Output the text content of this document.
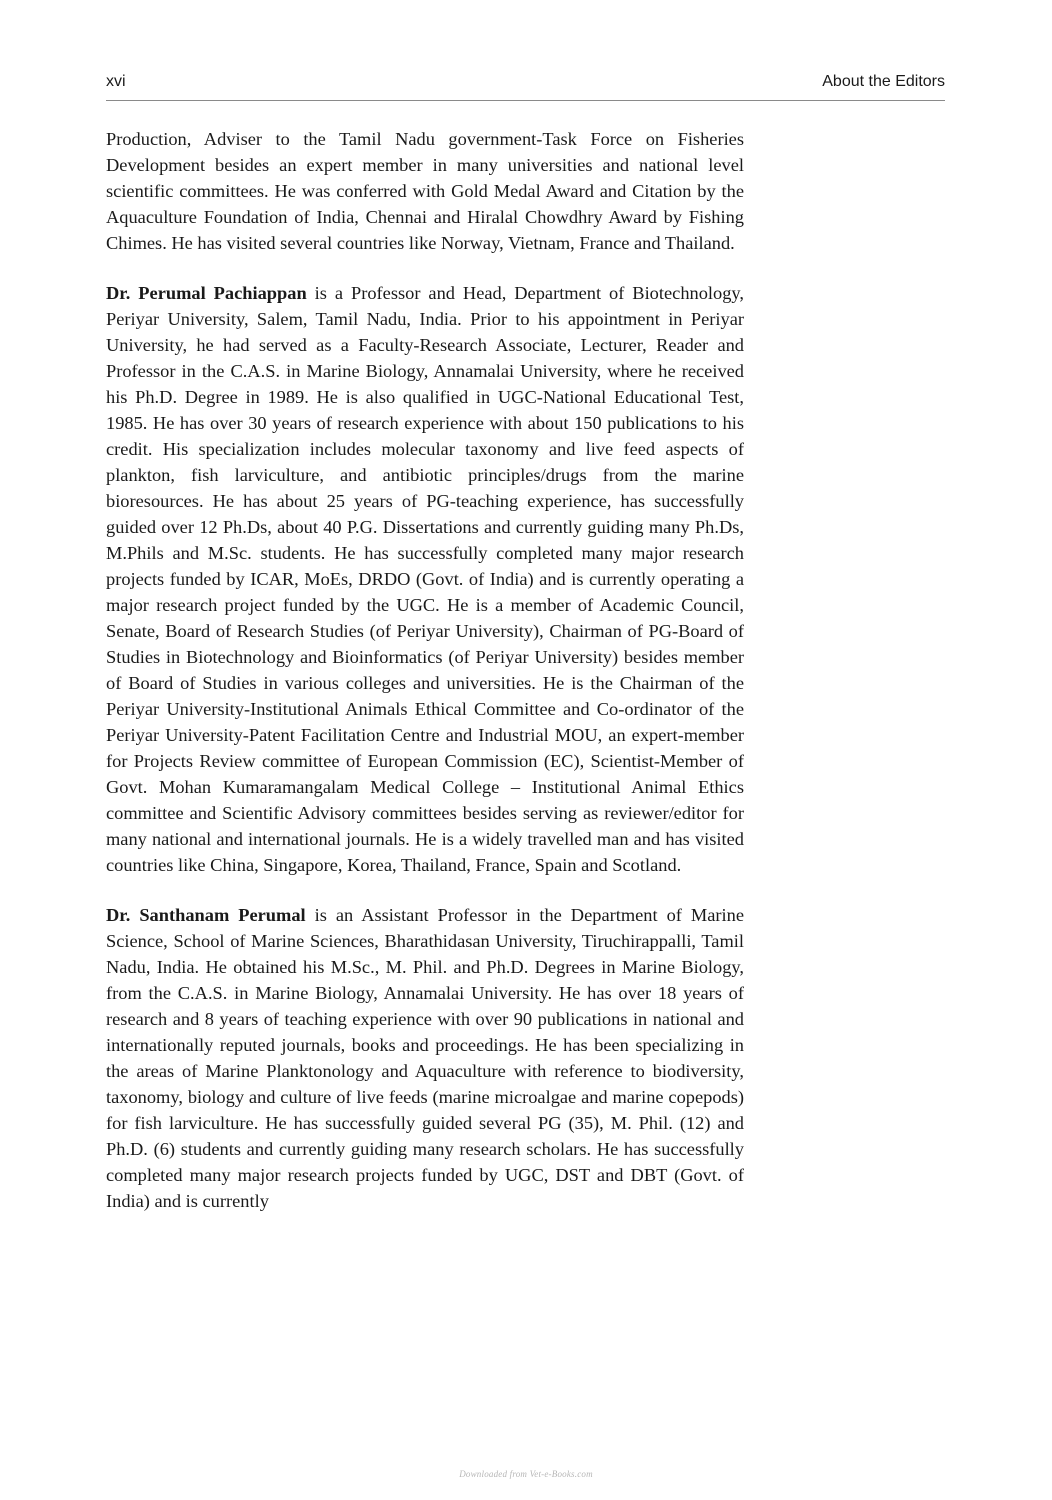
xvi	About the Editors

Production, Adviser to the Tamil Nadu government-Task Force on Fisheries Development besides an expert member in many universities and national level scientific committees. He was conferred with Gold Medal Award and Citation by the Aquaculture Foundation of India, Chennai and Hiralal Chowdhry Award by Fishing Chimes. He has visited several countries like Norway, Vietnam, France and Thailand.

Dr. Perumal Pachiappan is a Professor and Head, Department of Biotechnology, Periyar University, Salem, Tamil Nadu, India. Prior to his appointment in Periyar University, he had served as a Faculty-Research Associate, Lecturer, Reader and Professor in the C.A.S. in Marine Biology, Annamalai University, where he received his Ph.D. Degree in 1989. He is also qualified in UGC-National Educational Test, 1985. He has over 30 years of research experience with about 150 publications to his credit. His specialization includes molecular taxonomy and live feed aspects of plankton, fish larviculture, and antibiotic principles/drugs from the marine bioresources. He has about 25 years of PG-teaching experience, has successfully guided over 12 Ph.Ds, about 40 P.G. Dissertations and currently guiding many Ph.Ds, M.Phils and M.Sc. students. He has successfully completed many major research projects funded by ICAR, MoEs, DRDO (Govt. of India) and is currently operating a major research project funded by the UGC. He is a member of Academic Council, Senate, Board of Research Studies (of Periyar University), Chairman of PG-Board of Studies in Biotechnology and Bioinformatics (of Periyar University) besides member of Board of Studies in various colleges and universities. He is the Chairman of the Periyar University-Institutional Animals Ethical Committee and Co-ordinator of the Periyar University-Patent Facilitation Centre and Industrial MOU, an expert-member for Projects Review committee of European Commission (EC), Scientist-Member of Govt. Mohan Kumaramangalam Medical College – Institutional Animal Ethics committee and Scientific Advisory committees besides serving as reviewer/editor for many national and international journals. He is a widely travelled man and has visited countries like China, Singapore, Korea, Thailand, France, Spain and Scotland.

Dr. Santhanam Perumal is an Assistant Professor in the Department of Marine Science, School of Marine Sciences, Bharathidasan University, Tiruchirappalli, Tamil Nadu, India. He obtained his M.Sc., M. Phil. and Ph.D. Degrees in Marine Biology, from the C.A.S. in Marine Biology, Annamalai University. He has over 18 years of research and 8 years of teaching experience with over 90 publications in national and internationally reputed journals, books and proceedings. He has been specializing in the areas of Marine Planktonology and Aquaculture with reference to biodiversity, taxonomy, biology and culture of live feeds (marine microalgae and marine copepods) for fish larviculture. He has successfully guided several PG (35), M. Phil. (12) and Ph.D. (6) students and currently guiding many research scholars. He has successfully completed many major research projects funded by UGC, DST and DBT (Govt. of India) and is currently

Downloaded from Vet-e-Books.com
